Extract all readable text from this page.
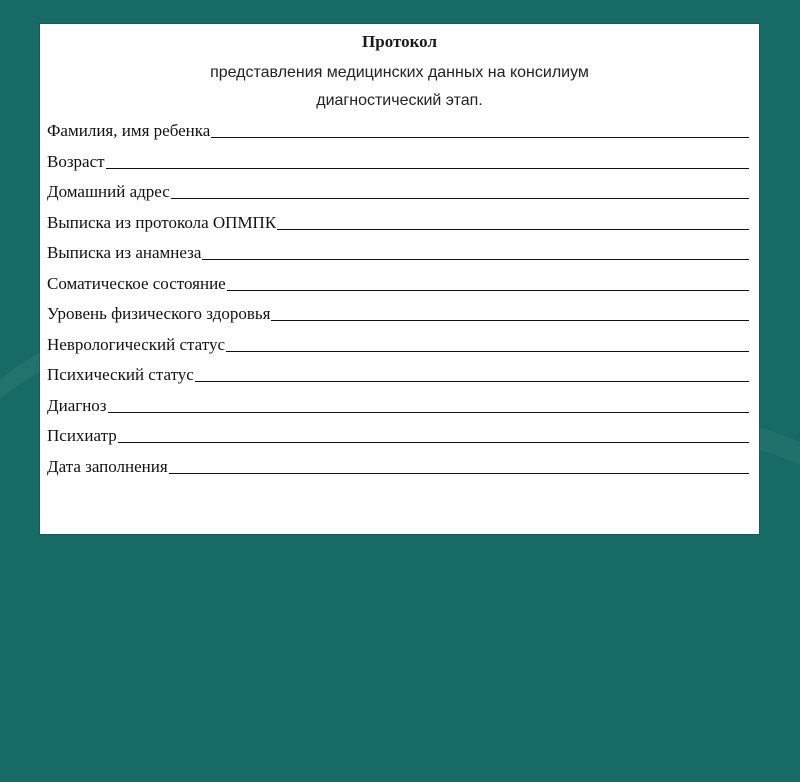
Протокол
представления медицинских данных на консилиум
диагностический этап.
Фамилия, имя ребенка
Возраст
Домашний адрес
Выписка из протокола ОПМПК
Выписка из анамнеза
Соматическое состояние
Уровень физического здоровья
Неврологический статус
Психический статус
Диагноз
Психиатр
Дата заполнения
